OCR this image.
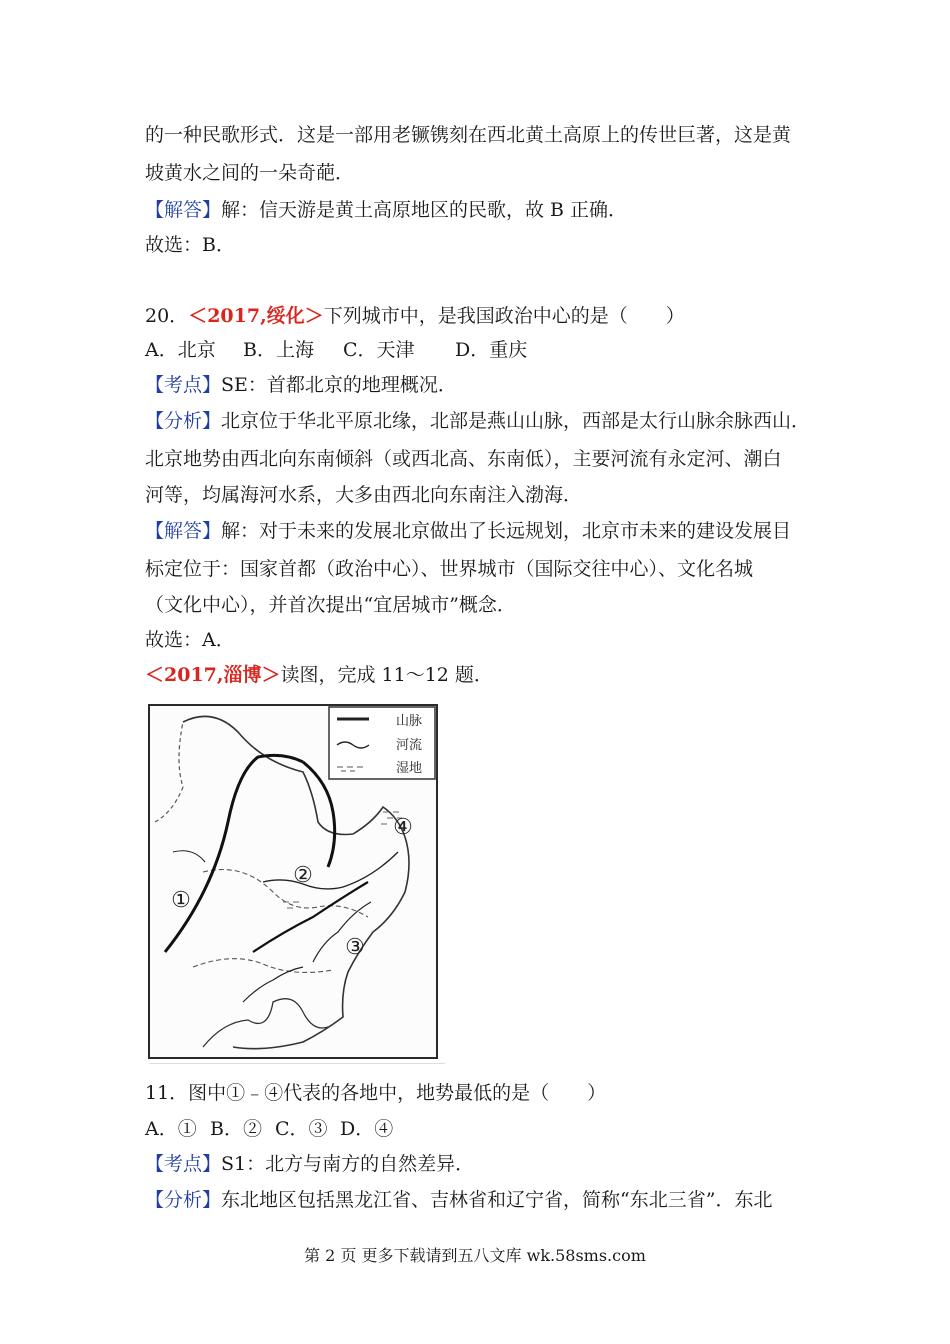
的一种民歌形式．这是一部用老镢镌刻在西北黄土高原上的传世巨著，这是黄
坡黄水之间的一朵奇葩．
【解答】解：信天游是黄土高原地区的民歌，故 B 正确．
故选：B．
20．＜2017,绥化＞下列城市中，是我国政治中心的是（　　）
A．北京 B．上海 C．天津 D．重庆
【考点】SE：首都北京的地理概况．
【分析】北京位于华北平原北缘，北部是燕山山脉，西部是太行山脉余脉西山．
北京地势由西北向东南倾斜（或西北高、东南低），主要河流有永定河、潮白
河等，均属海河水系，大多由西北向东南注入渤海．
【解答】解：对于未来的发展北京做出了长远规划，北京市未来的建设发展目
标定位于：国家首都（政治中心）、世界城市（国际交往中心）、文化名城
（文化中心），并首次提出“宜居城市”概念．
故选：A．
＜2017,淄博＞读图，完成 11～12 题．
山脉
河流
湿地
①
②
③
④
11．图中①﹣④代表的各地中，地势最低的是（　　）
A．① B．② C．③ D．④
【考点】S1：北方与南方的自然差异．
【分析】东北地区包括黑龙江省、吉林省和辽宁省，简称“东北三省”．东北
第 2 页 更多下载请到五八文库 wk.58sms.com
